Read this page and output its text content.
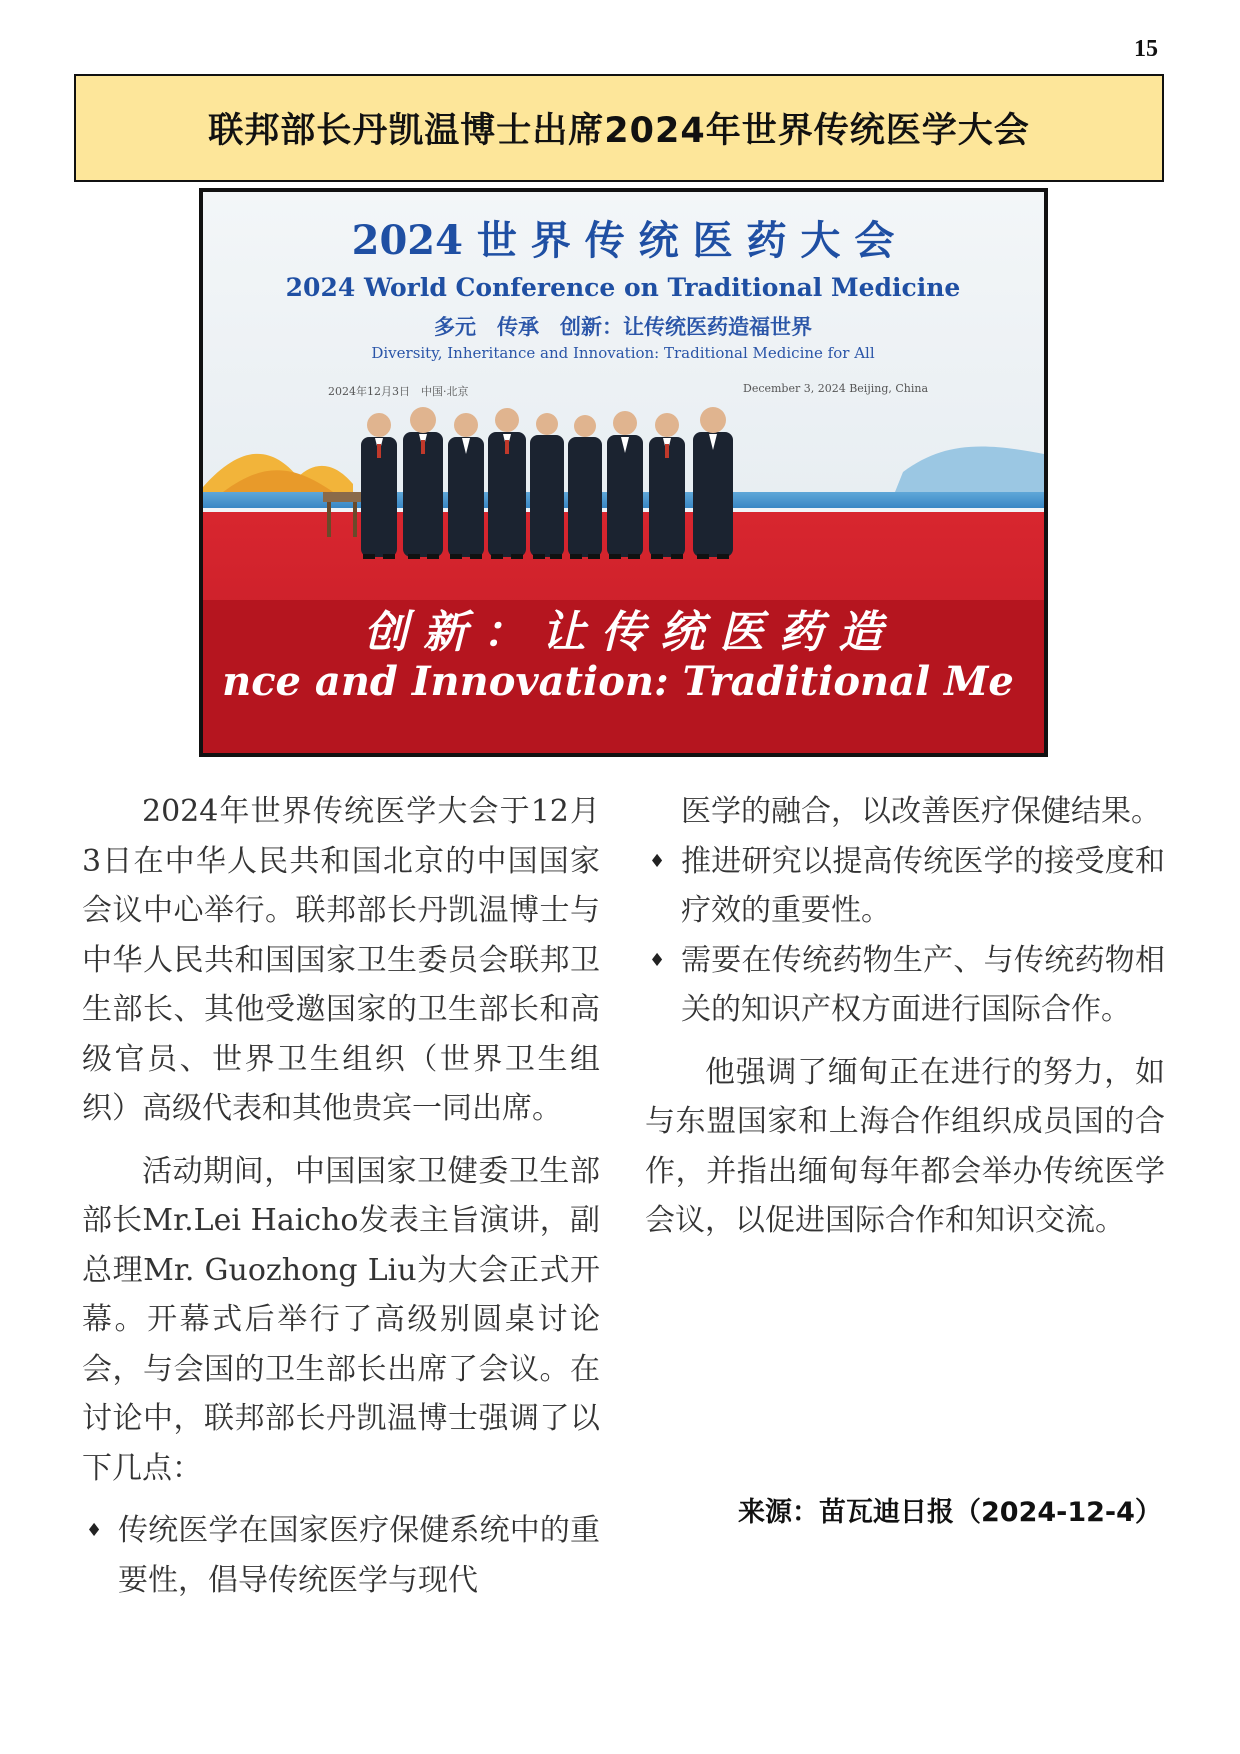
15
联邦部长丹凯温博士出席2024年世界传统医学大会
2024 世 界 传 统 医 药 大 会
2024 World Conference on Traditional Medicine
多元　传承　创新：让传统医药造福世界
Diversity, Inheritance and Innovation: Traditional Medicine for All
2024年12月3日　中国·北京	December 3, 2024 Beijing, China
创 新 ： 让 传 统 医 药 造
nce and Innovation: Traditional Me

2024年世界传统医学大会于12月3日在中华人民共和国北京的中国国家会议中心举行。联邦部长丹凯温博士与中华人民共和国国家卫生委员会联邦卫生部长、其他受邀国家的卫生部长和高级官员、世界卫生组织（世界卫生组织）高级代表和其他贵宾一同出席。

活动期间，中国国家卫健委卫生部部长Mr.Lei Haicho发表主旨演讲，副总理Mr. Guozhong Liu为大会正式开幕。开幕式后举行了高级别圆桌讨论会，与会国的卫生部长出席了会议。在讨论中，联邦部长丹凯温博士强调了以下几点：

♦ 传统医学在国家医疗保健系统中的重要性，倡导传统医学与现代

医学的融合，以改善医疗保健结果。

♦ 推进研究以提高传统医学的接受度和疗效的重要性。

♦ 需要在传统药物生产、与传统药物相关的知识产权方面进行国际合作。

他强调了缅甸正在进行的努力，如与东盟国家和上海合作组织成员国的合作，并指出缅甸每年都会举办传统医学会议，以促进国际合作和知识交流。

来源：苗瓦迪日报（2024-12-4）
